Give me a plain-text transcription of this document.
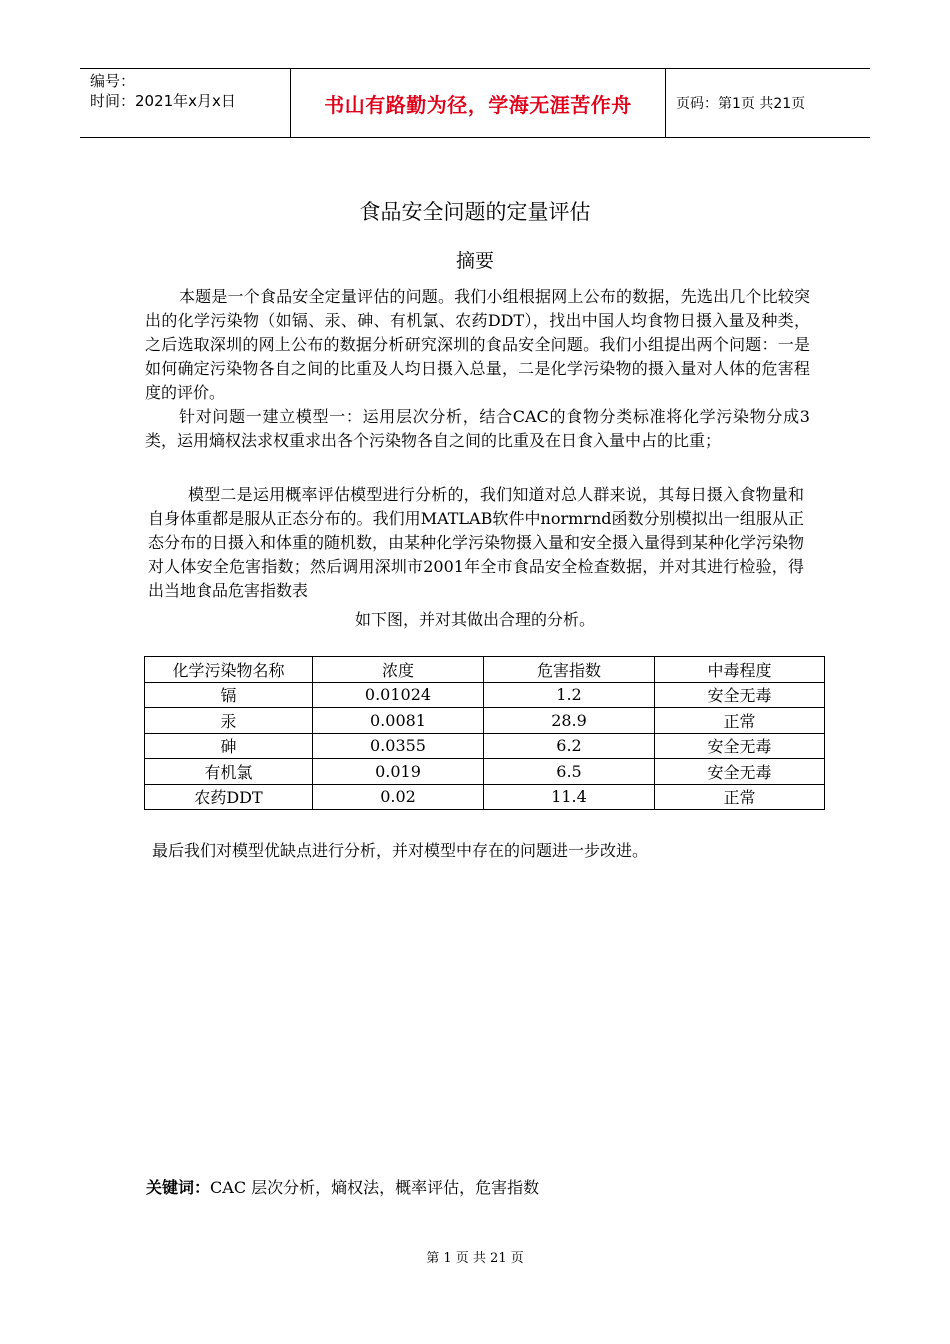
编号：
时间：2021年x月x日	书山有路勤为径，学海无涯苦作舟	页码：第1页 共21页
食品安全问题的定量评估
摘要
本题是一个食品安全定量评估的问题。我们小组根据网上公布的数据，先选出几个比较突出的化学污染物（如镉、汞、砷、有机氯、农药DDT），找出中国人均食物日摄入量及种类，之后选取深圳的网上公布的数据分析研究深圳的食品安全问题。我们小组提出两个问题：一是如何确定污染物各自之间的比重及人均日摄入总量，二是化学污染物的摄入量对人体的危害程度的评价。
针对问题一建立模型一：运用层次分析，结合CAC的食物分类标准将化学污染物分成3类，运用熵权法求权重求出各个污染物各自之间的比重及在日食入量中占的比重；
模型二是运用概率评估模型进行分析的，我们知道对总人群来说，其每日摄入食物量和自身体重都是服从正态分布的。我们用MATLAB软件中normrnd函数分别模拟出一组服从正态分布的日摄入和体重的随机数，由某种化学污染物摄入量和安全摄入量得到某种化学污染物对人体安全危害指数；然后调用深圳市2001年全市食品安全检查数据，并对其进行检验，得出当地食品危害指数表
如下图，并对其做出合理的分析。
化学污染物名称	浓度	危害指数	中毒程度
镉	0.01024	1.2	安全无毒
汞	0.0081	28.9	正常
砷	0.0355	6.2	安全无毒
有机氯	0.019	6.5	安全无毒
农药DDT	0.02	11.4	正常
最后我们对模型优缺点进行分析，并对模型中存在的问题进一步改进。
关键词：CAC 层次分析，熵权法，概率评估，危害指数
第 1 页 共 21 页
